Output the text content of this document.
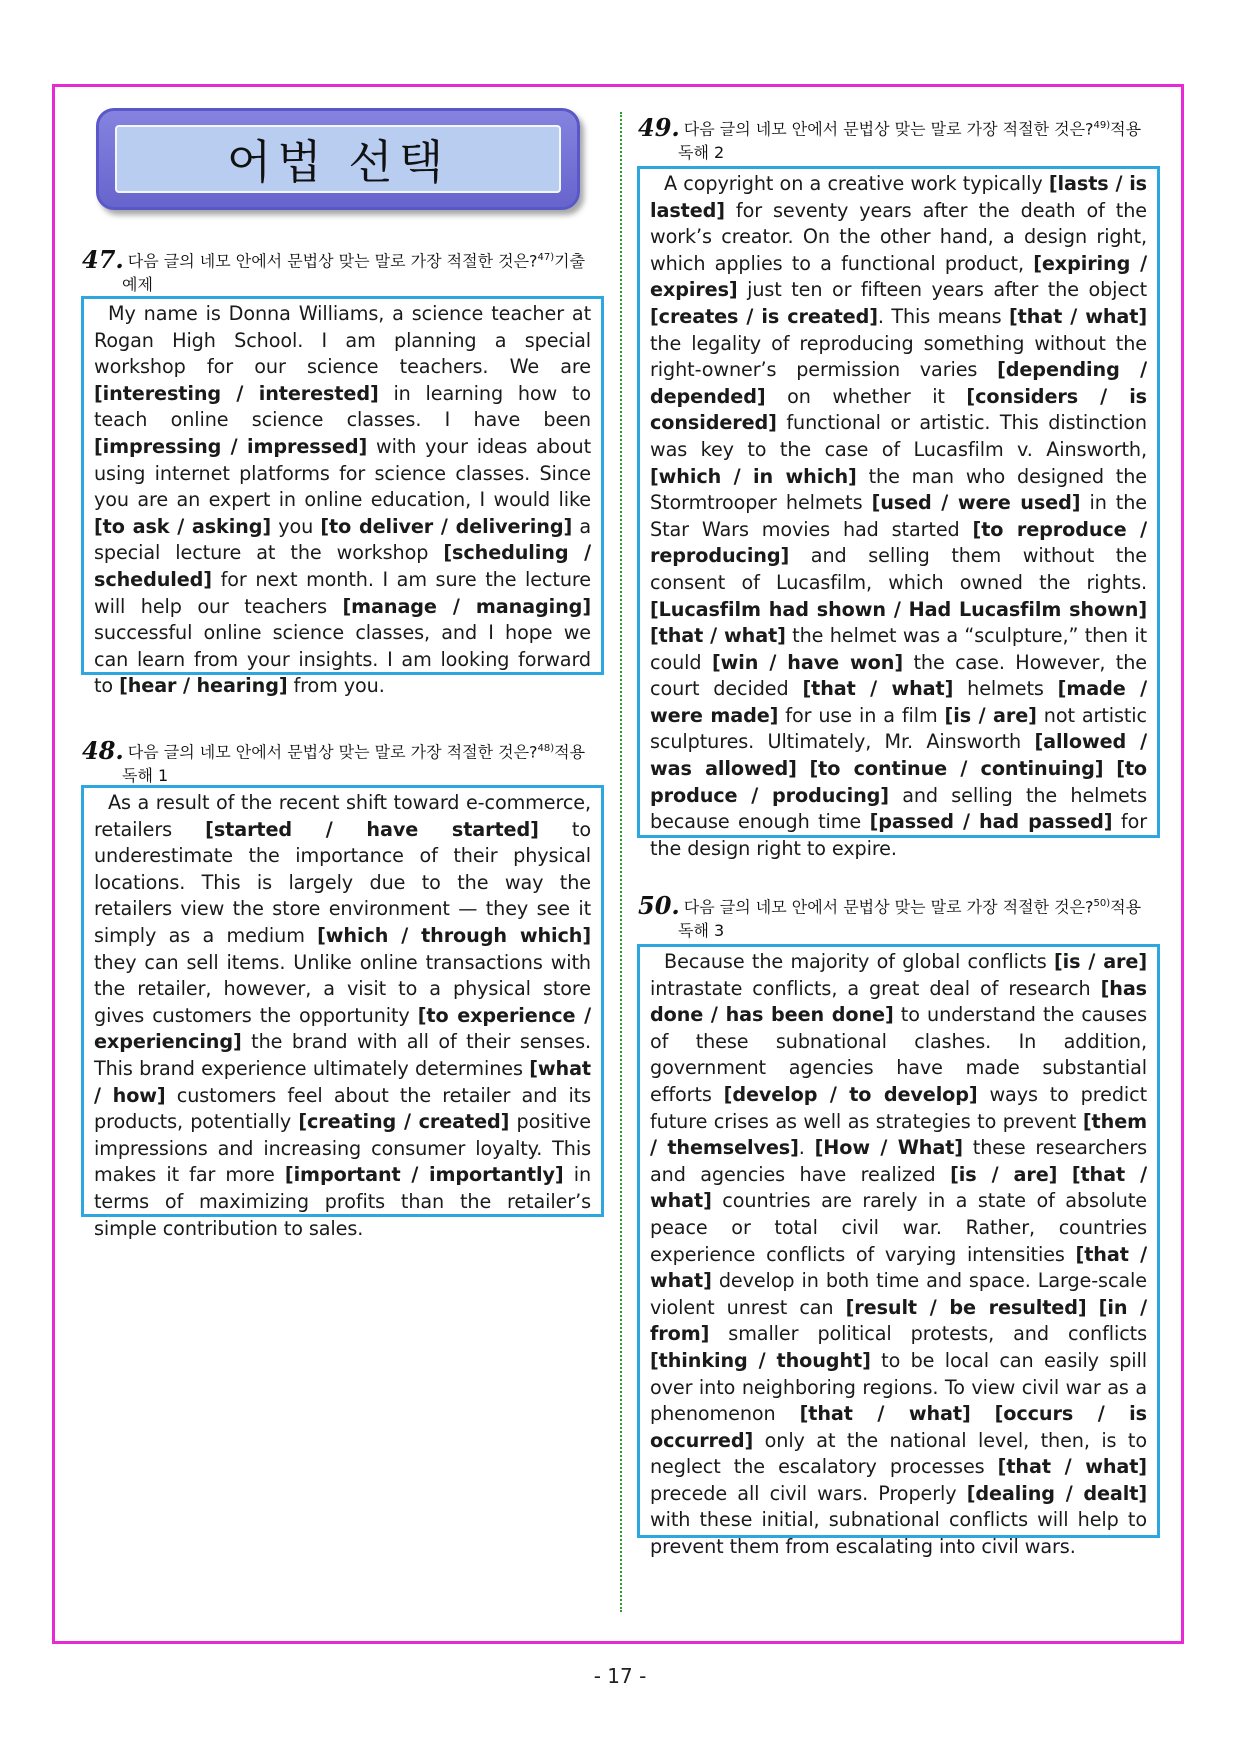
어법 선택
47. 다음 글의 네모 안에서 문법상 맞는 말로 가장 적절한 것은?$^{47)}$기출
예제

My name is Donna Williams, a science teacher at Rogan High School. I am planning a special workshop for our science teachers. We are [interesting / interested] in learning how to teach online science classes. I have been [impressing / impressed] with your ideas about using internet platforms for science classes. Since you are an expert in online education, I would like [to ask / asking] you [to deliver / delivering] a special lecture at the workshop [scheduling / scheduled] for next month. I am sure the lecture will help our teachers [manage / managing] successful online science classes, and I hope we can learn from your insights. I am looking forward to [hear / hearing] from you.

48. 다음 글의 네모 안에서 문법상 맞는 말로 가장 적절한 것은?$^{48)}$적용
독해 1

As a result of the recent shift toward e-commerce, retailers [started / have started] to underestimate the importance of their physical locations. This is largely due to the way the retailers view the store environment — they see it simply as a medium [which / through which] they can sell items. Unlike online transactions with the retailer, however, a visit to a physical store gives customers the opportunity [to experience / experiencing] the brand with all of their senses. This brand experience ultimately determines [what / how] customers feel about the retailer and its products, potentially [creating / created] positive impressions and increasing consumer loyalty. This makes it far more [important / importantly] in terms of maximizing profits than the retailer’s simple contribution to sales.

49. 다음 글의 네모 안에서 문법상 맞는 말로 가장 적절한 것은?$^{49)}$적용
독해 2

A copyright on a creative work typically [lasts / is lasted] for seventy years after the death of the work’s creator. On the other hand, a design right, which applies to a functional product, [expiring / expires] just ten or fifteen years after the object [creates / is created]. This means [that / what] the legality of reproducing something without the right-owner’s permission varies [depending / depended] on whether it [considers / is considered] functional or artistic. This distinction was key to the case of Lucasfilm v. Ainsworth, [which / in which] the man who designed the Stormtrooper helmets [used / were used] in the Star Wars movies had started [to reproduce / reproducing] and selling them without the consent of Lucasfilm, which owned the rights. [Lucasfilm had shown / Had Lucasfilm shown] [that / what] the helmet was a “sculpture,” then it could [win / have won] the case. However, the court decided [that / what] helmets [made / were made] for use in a film [is / are] not artistic sculptures. Ultimately, Mr. Ainsworth [allowed / was allowed] [to continue / continuing] [to produce / producing] and selling the helmets because enough time [passed / had passed] for the design right to expire.

50. 다음 글의 네모 안에서 문법상 맞는 말로 가장 적절한 것은?$^{50)}$적용
독해 3

Because the majority of global conflicts [is / are] intrastate conflicts, a great deal of research [has done / has been done] to understand the causes of these subnational clashes. In addition, government agencies have made substantial efforts [develop / to develop] ways to predict future crises as well as strategies to prevent [them / themselves]. [How / What] these researchers and agencies have realized [is / are] [that / what] countries are rarely in a state of absolute peace or total civil war. Rather, countries experience conflicts of varying intensities [that / what] develop in both time and space. Large-scale violent unrest can [result / be resulted] [in / from] smaller political protests, and conflicts [thinking / thought] to be local can easily spill over into neighboring regions. To view civil war as a phenomenon [that / what] [occurs / is occurred] only at the national level, then, is to neglect the escalatory processes [that / what] precede all civil wars. Properly [dealing / dealt] with these initial, subnational conflicts will help to prevent them from escalating into civil wars.

- 17 -
